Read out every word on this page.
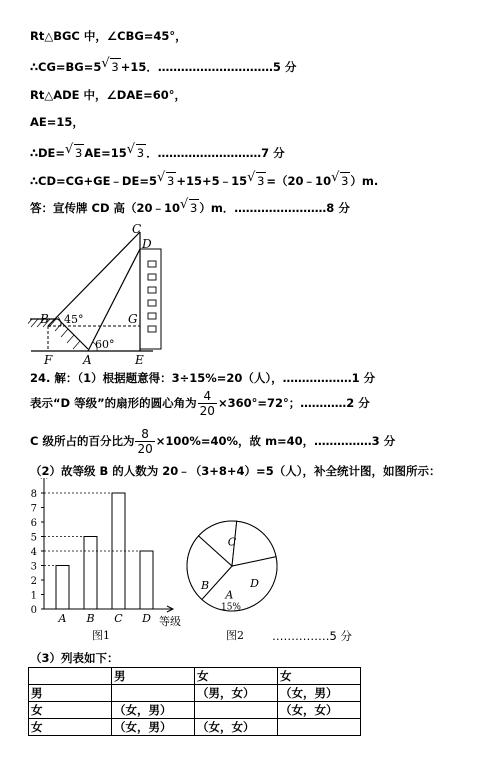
Rt△BGC 中，∠CBG=45°，
∴CG=BG=5 √ 3 +15．…………………………5 分
Rt△ADE 中，∠DAE=60°，
AE=15，
∴DE= √ 3 AE=15 √ 3 ．………………………7 分
∴CD=CG+GE﹣DE=5 √ 3 +15+5﹣15 √ 3 =（20﹣10 √ 3 ）m.
答：宣传牌 CD 高（20﹣10 √ 3 ）m．……………………8 分
C
D
B 45°	G
60°
F	A	E
24. 解：（1）根据题意得：3÷15%=20（人），………………1 分
表示“D 等级”的扇形的圆心角为 $\frac{4}{20} \times 360^\circ=72^\circ$；…………2 分
C 级所占的百分比为 $\frac{8}{20} \times 100\%=40\%$，故 m=40，……………3 分
（2）故等级 B 的人数为 20﹣（3+8+4）=5（人），补全统计图，如图所示：
等级
0
1
2
3
4
5
6
7
8
A B C D
图1
C
B
A
D
15%
图2 ……………5 分
（3）列表如下：
	男	女	女
男		（男，女）	（女，男）
女	（女，男）		（女，女）
女	（女，男）	（女，女）	
